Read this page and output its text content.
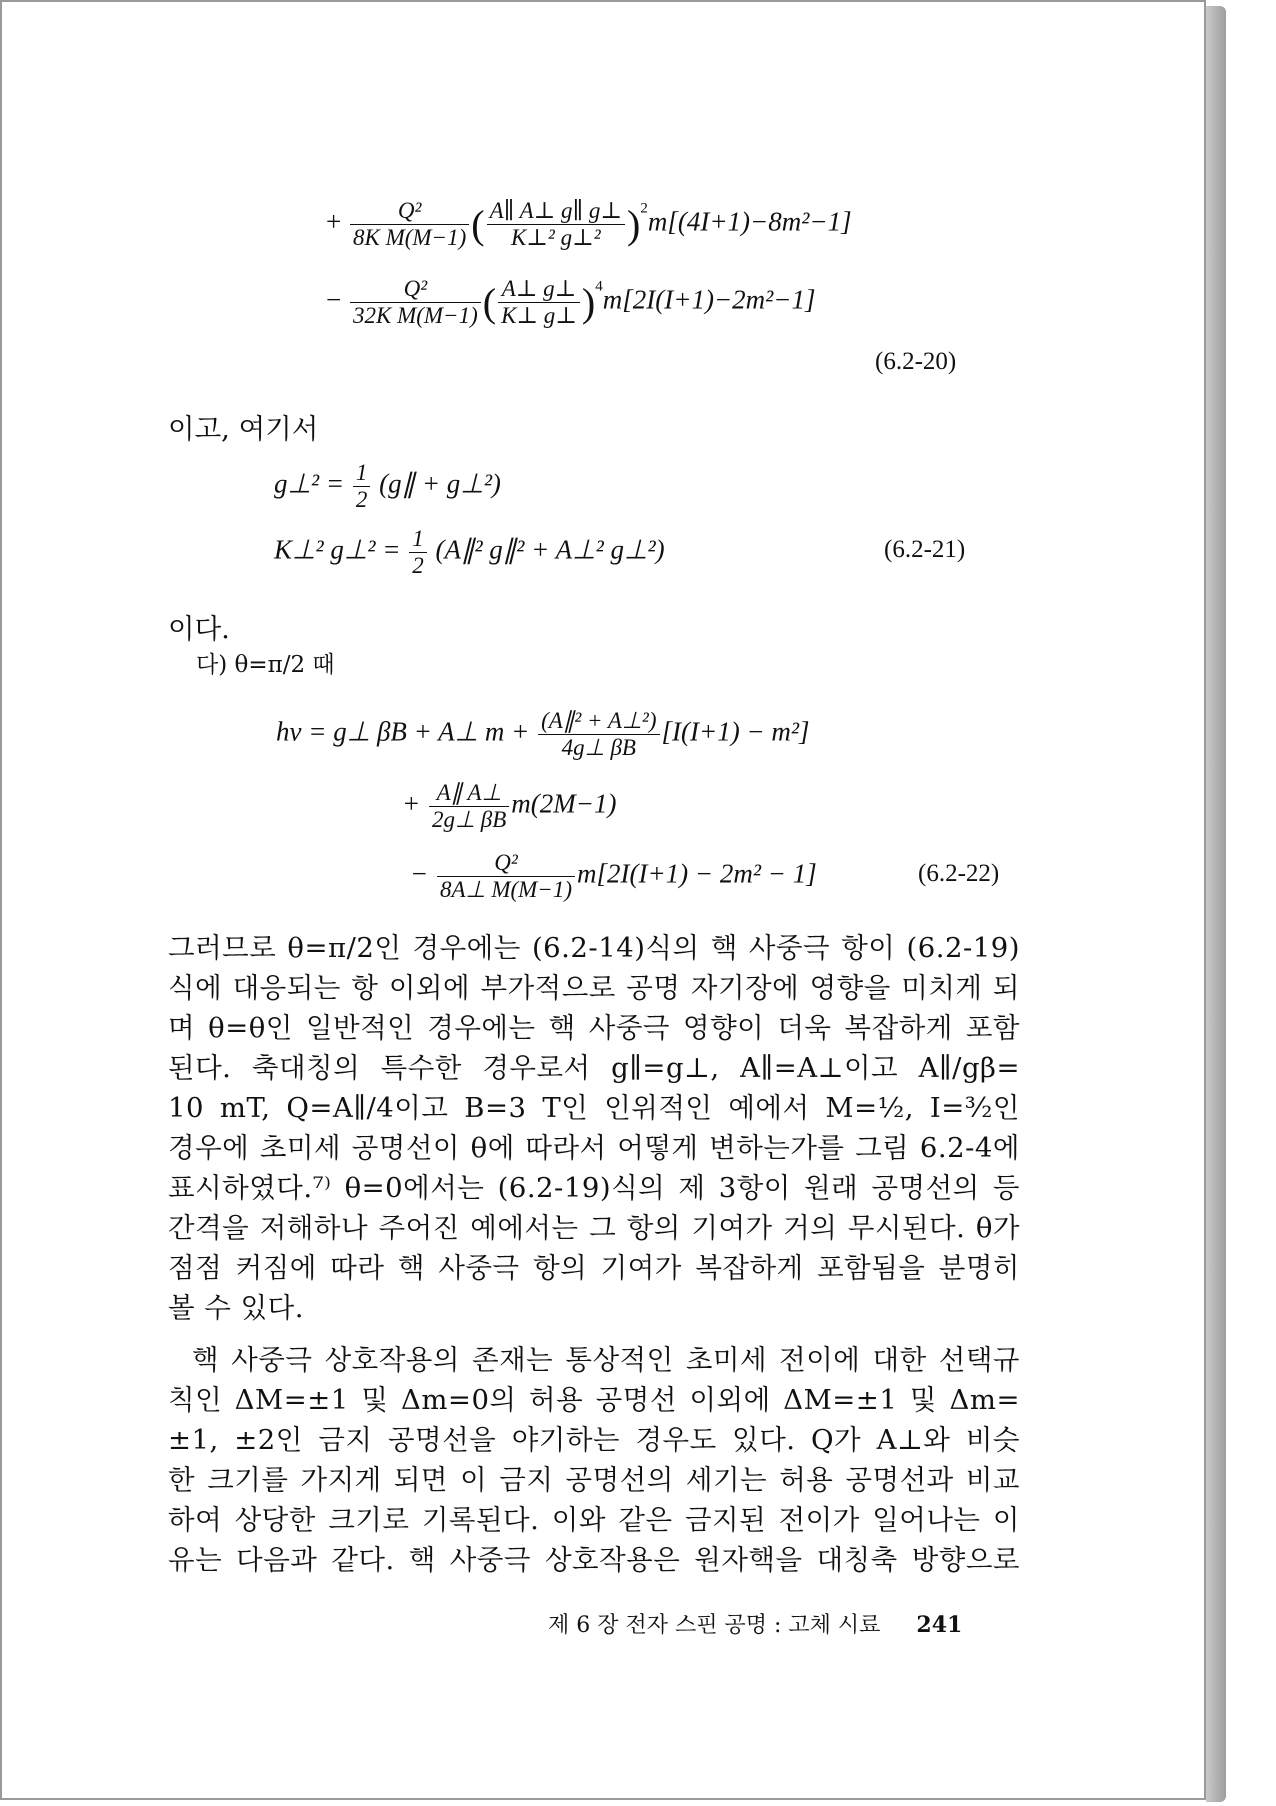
+ $\frac{\text{Q²}}{\text{8K M(M−1)}}$ ( $\frac{A\parallel A\perp g\parallel g\perp}{\text{K⊥² g⊥²}} )^2m[(4I+1)-8m^2-1]$
− $\frac{\text{Q²}}{\text{32K M(M−1)}}$ ( $\frac{A\perp g\perp}{K\perp g\perp} )^4m[2I(I+1)-2m^2-1]$
(6.2-20)
이고, 여기서
g⊥² = $\frac{1}{2}$ (g∥ + g⊥²)
K⊥² g⊥² = $\frac{1}{2}$ (A∥² g∥² + A⊥² g⊥²)	(6.2-21)
이다.
다) θ=π/2 때
hν = g⊥ βB + A⊥ $m + \frac{\text{(A∥² + A⊥²)}}{4g\perp \beta B} [I(I+1) - m^2]$
+ $\frac{A\parallel A\perp}{2g\perp \beta B} m(2M-1)$
− $\frac{\text{Q²}}{8A\perp M(M-1)} m[2I(I+1) - 2m^2 - 1]$	(6.2-22)
그러므로 θ=π/2인 경우에는 (6.2-14)식의 핵 사중극 항이 (6.2-19)
식에 대응되는 항 이외에 부가적으로 공명 자기장에 영향을 미치게 되
며 θ=θ인 일반적인 경우에는 핵 사중극 영향이 더욱 복잡하게 포함
된다. 축대칭의 특수한 경우로서 g∥=g⊥, A∥=A⊥이고 A∥/gβ=
10 mT, Q=A∥/4이고 B=3 T인 인위적인 예에서 M=½, I=³⁄₂인
경우에 초미세 공명선이 θ에 따라서 어떻게 변하는가를 그림 6.2-4에
표시하였다.⁷⁾ θ=0에서는 (6.2-19)식의 제 3항이 원래 공명선의 등
간격을 저해하나 주어진 예에서는 그 항의 기여가 거의 무시된다. θ가
점점 커짐에 따라 핵 사중극 항의 기여가 복잡하게 포함됨을 분명히
볼 수 있다.
핵 사중극 상호작용의 존재는 통상적인 초미세 전이에 대한 선택규
칙인 ΔM=±1 및 Δm=0의 허용 공명선 이외에 ΔM=±1 및 Δm=
±1, ±2인 금지 공명선을 야기하는 경우도 있다. Q가 A⊥와 비슷
한 크기를 가지게 되면 이 금지 공명선의 세기는 허용 공명선과 비교
하여 상당한 크기로 기록된다. 이와 같은 금지된 전이가 일어나는 이
유는 다음과 같다. 핵 사중극 상호작용은 원자핵을 대칭축 방향으로
제 6 장 전자 스핀 공명 : 고체 시료 241
